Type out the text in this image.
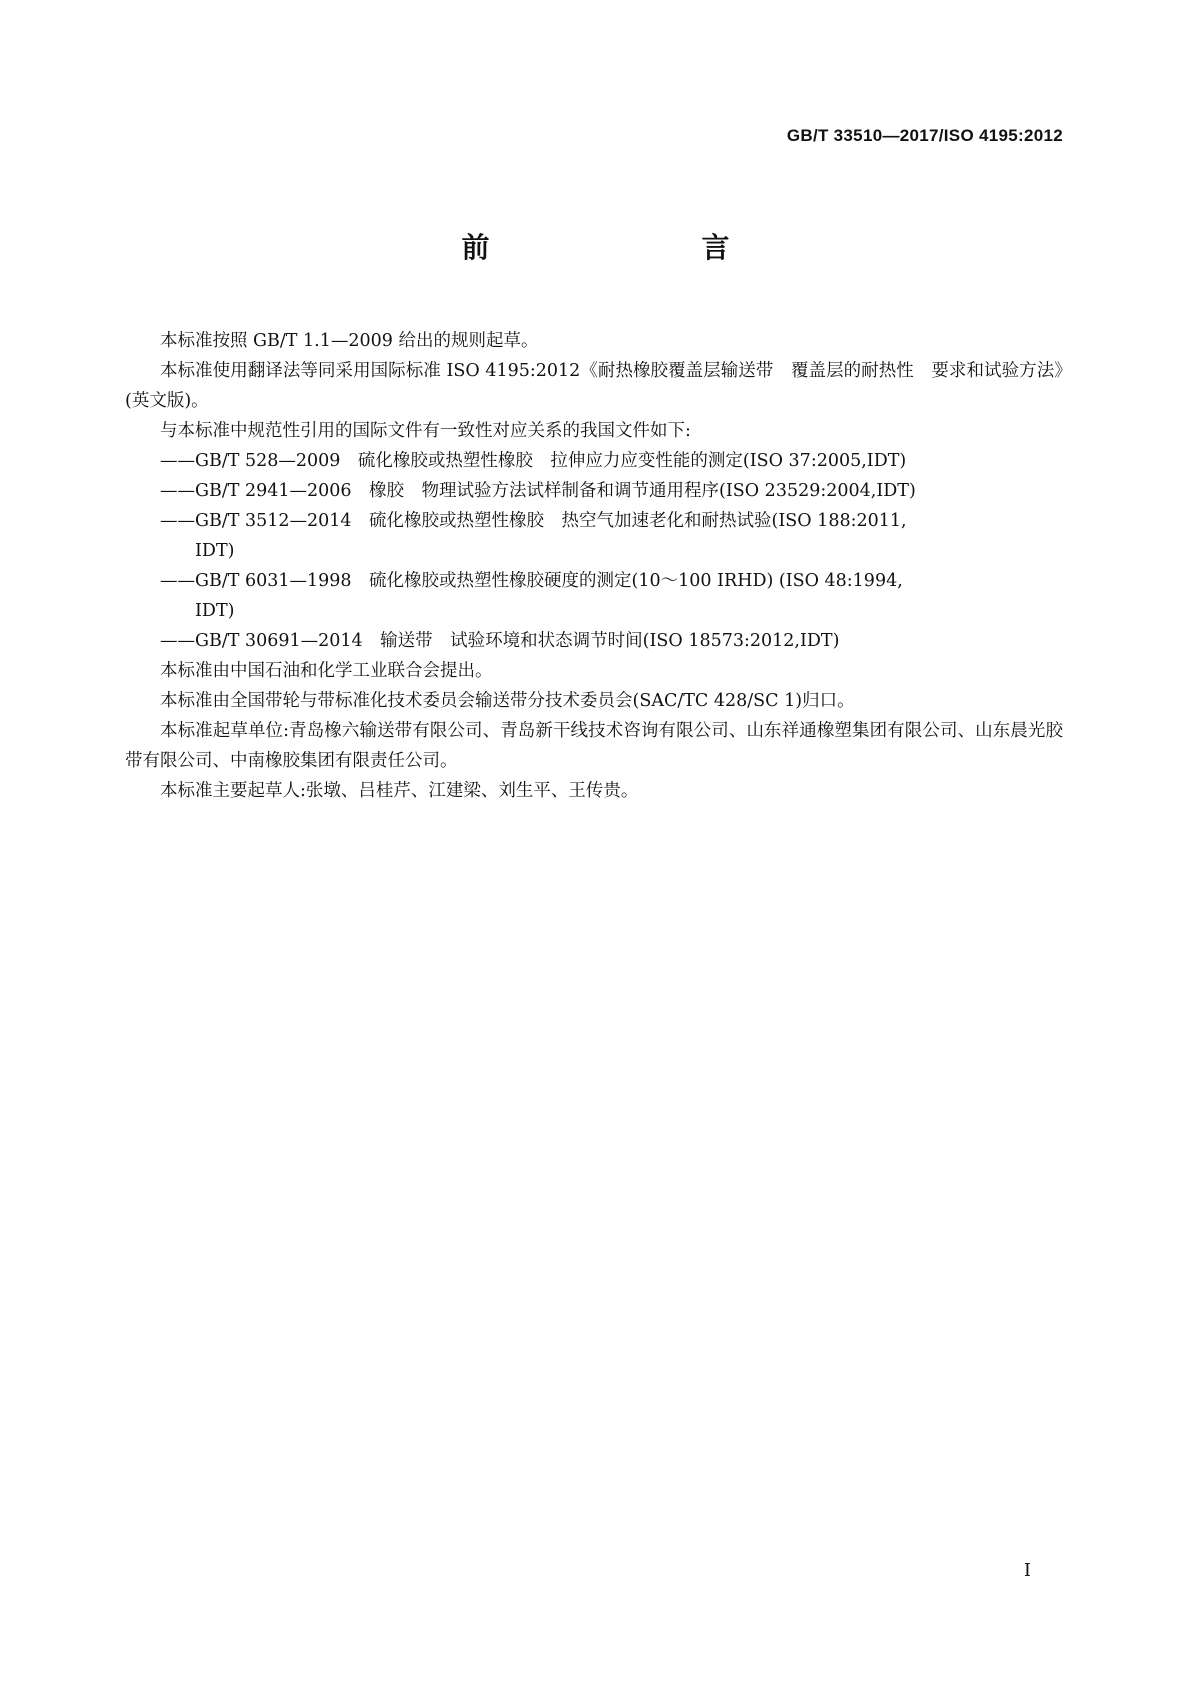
GB/T 33510—2017/ISO 4195:2012
前　　言

本标准按照 GB/T 1.1—2009 给出的规则起草。

本标准使用翻译法等同采用国际标准 ISO 4195:2012《耐热橡胶覆盖层输送带　覆盖层的耐热性　要求和试验方法》(英文版)。

与本标准中规范性引用的国际文件有一致性对应关系的我国文件如下:

——GB/T 528—2009　硫化橡胶或热塑性橡胶　拉伸应力应变性能的测定(ISO 37:2005,IDT)

——GB/T 2941—2006　橡胶　物理试验方法试样制备和调节通用程序(ISO 23529:2004,IDT)

——GB/T 3512—2014　硫化橡胶或热塑性橡胶　热空气加速老化和耐热试验(ISO 188:2011,
IDT)

——GB/T 6031—1998　硫化橡胶或热塑性橡胶硬度的测定(10～100 IRHD) (ISO 48:1994,
IDT)

——GB/T 30691—2014　输送带　试验环境和状态调节时间(ISO 18573:2012,IDT)

本标准由中国石油和化学工业联合会提出。

本标准由全国带轮与带标准化技术委员会输送带分技术委员会(SAC/TC 428/SC 1)归口。

本标准起草单位:青岛橡六输送带有限公司、青岛新干线技术咨询有限公司、山东祥通橡塑集团有限公司、山东晨光胶带有限公司、中南橡胶集团有限责任公司。

本标准主要起草人:张墩、吕桂芹、江建梁、刘生平、王传贵。

I
